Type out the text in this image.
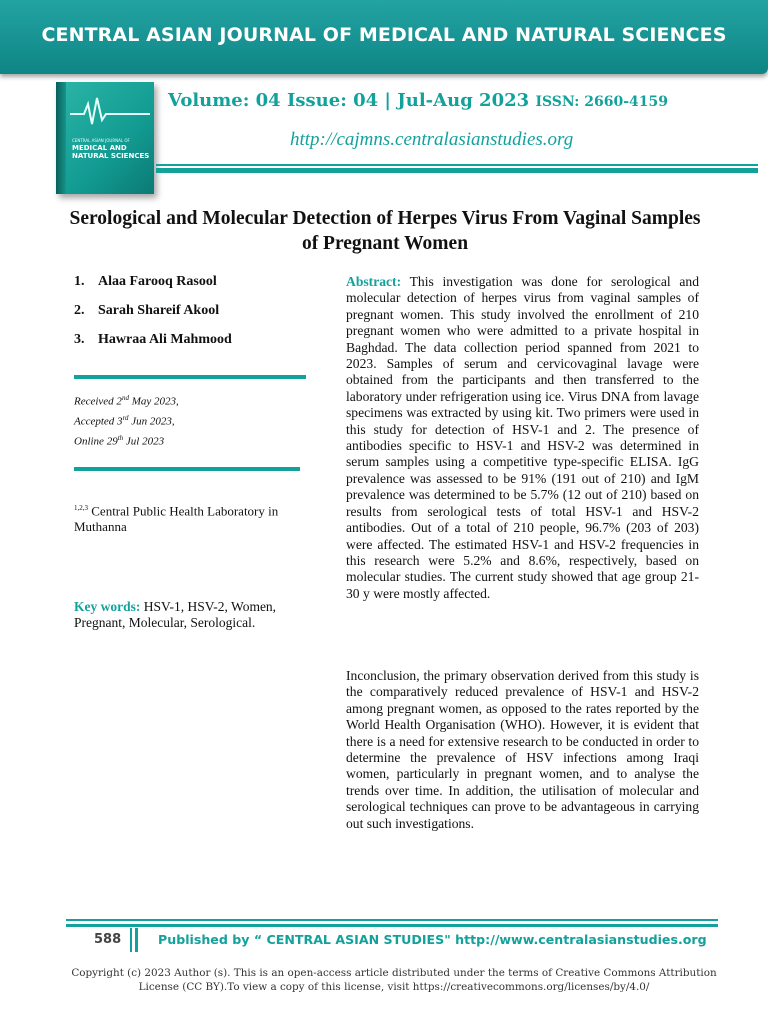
CENTRAL ASIAN JOURNAL OF MEDICAL AND NATURAL SCIENCES
CENTRAL ASIAN JOURNAL OF
MEDICAL AND NATURAL SCIENCES
Volume: 04 Issue: 04 | Jul-Aug 2023 ISSN: 2660-4159
http://cajmns.centralasianstudies.org
Serological and Molecular Detection of Herpes Virus From Vaginal Samples of Pregnant Women
1. Alaa Farooq Rasool
2. Sarah Shareif Akool
3. Hawraa Ali Mahmood
Received 2nd May 2023,
Accepted 3rd Jun 2023,
Online 29th Jul 2023
$^{1,2,3}$ Central Public Health Laboratory in Muthanna
Key words: HSV-1, HSV-2, Women, Pregnant, Molecular, Serological.

Abstract: This investigation was done for serological and molecular detection of herpes virus from vaginal samples of pregnant women. This study involved the enrollment of 210 pregnant women who were admitted to a private hospital in Baghdad. The data collection period spanned from 2021 to 2023. Samples of serum and cervicovaginal lavage were obtained from the participants and then transferred to the laboratory under refrigeration using ice. Virus DNA from lavage specimens was extracted by using kit. Two primers were used in this study for detection of HSV-1 and 2. The presence of antibodies specific to HSV-1 and HSV-2 was determined in serum samples using a competitive type-specific ELISA. IgG prevalence was assessed to be 91% (191 out of 210) and IgM prevalence was determined to be 5.7% (12 out of 210) based on results from serological tests of total HSV-1 and HSV-2 antibodies. Out of a total of 210 people, 96.7% (203 of 203) were affected. The estimated HSV-1 and HSV-2 frequencies in this research were 5.2% and 8.6%, respectively, based on molecular studies. The current study showed that age group 21-30 y were mostly affected.

Inconclusion, the primary observation derived from this study is the comparatively reduced prevalence of HSV-1 and HSV-2 among pregnant women, as opposed to the rates reported by the World Health Organisation (WHO). However, it is evident that there is a need for extensive research to be conducted in order to determine the prevalence of HSV infections among Iraqi women, particularly in pregnant women, and to analyse the trends over time. In addition, the utilisation of molecular and serological techniques can prove to be advantageous in carrying out such investigations.

588	Published by “ CENTRAL ASIAN STUDIES" http://www.centralasianstudies.org
Copyright (c) 2023 Author (s). This is an open-access article distributed under the terms of Creative Commons Attribution License (CC BY).To view a copy of this license, visit https://creativecommons.org/licenses/by/4.0/
